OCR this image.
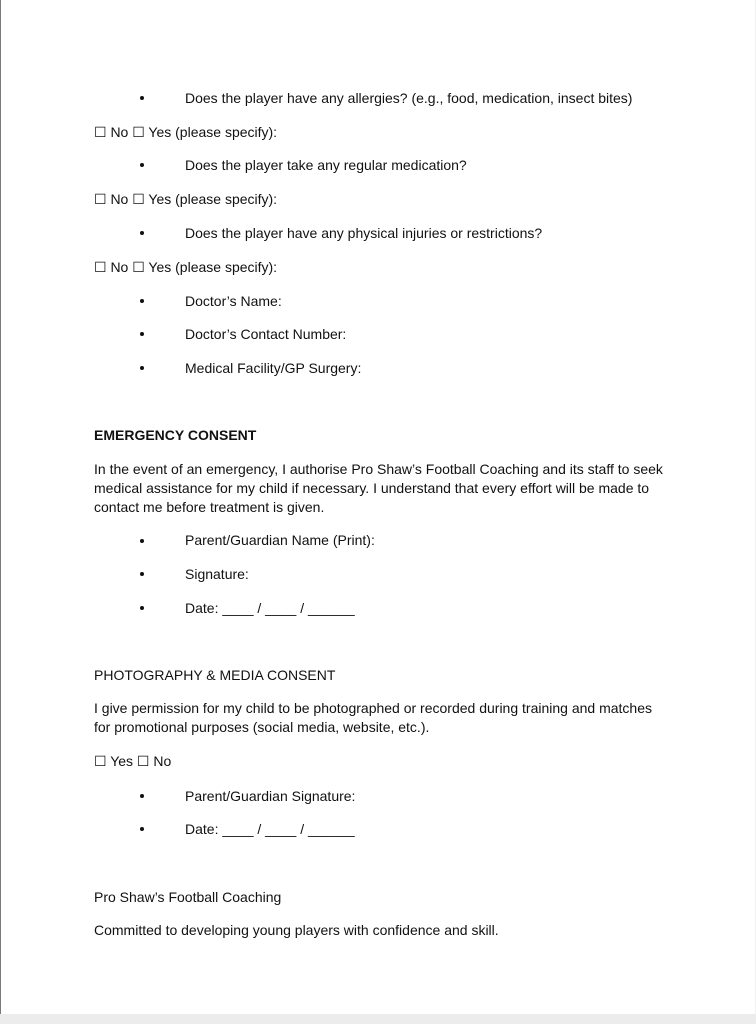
Does the player have any allergies? (e.g., food, medication, insect bites)

☐ No ☐ Yes (please specify):

Does the player take any regular medication?

☐ No ☐ Yes (please specify):

Does the player have any physical injuries or restrictions?

☐ No ☐ Yes (please specify):

Doctor’s Name:

Doctor’s Contact Number:

Medical Facility/GP Surgery:

EMERGENCY CONSENT

In the event of an emergency, I authorise Pro Shaw’s Football Coaching and its staff to seek
medical assistance for my child if necessary. I understand that every effort will be made to
contact me before treatment is given.

Parent/Guardian Name (Print):

Signature:

Date: ____ / ____ / ______

PHOTOGRAPHY & MEDIA CONSENT

I give permission for my child to be photographed or recorded during training and matches
for promotional purposes (social media, website, etc.).

☐ Yes ☐ No

Parent/Guardian Signature:

Date: ____ / ____ / ______

Pro Shaw’s Football Coaching

Committed to developing young players with confidence and skill.
